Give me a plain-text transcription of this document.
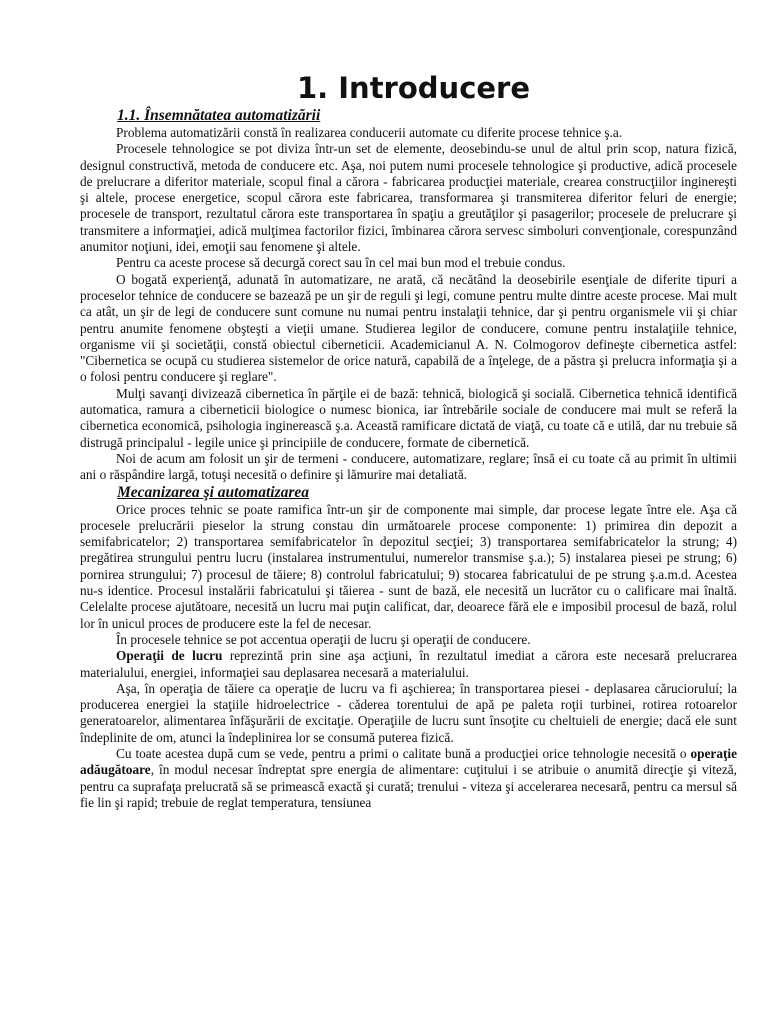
1. Introducere
1.1. Însemnătatea automatizării

Problema automatizării constă în realizarea conducerii automate cu diferite procese tehnice ş.a.

Procesele tehnologice se pot diviza într-un set de elemente, deosebindu-se unul de altul prin scop, natura fizică, designul constructivă, metoda de conducere etc. Aşa, noi putem numi procesele tehnologice şi productive, adică procesele de prelucrare a diferitor materiale, scopul final a cărora - fabricarea producţiei materiale, crearea construcţiilor inginereşti şi altele, procese energetice, scopul cărora este fabricarea, transformarea şi transmiterea diferitor feluri de energie; procesele de transport, rezultatul cărora este transportarea în spaţiu a greutăţilor şi pasagerilor; procesele de prelucrare şi transmitere a informaţiei, adică mulţimea factorilor fizici, îmbinarea cărora servesc simboluri convenţionale, corespunzând anumitor noţiuni, idei, emoţii sau fenomene şi altele.

Pentru ca aceste procese să decurgă corect sau în cel mai bun mod el trebuie condus.

O bogată experienţă, adunată în automatizare, ne arată, că necătând la deosebirile esenţiale de diferite tipuri a proceselor tehnice de conducere se bazează pe un şir de reguli şi legi, comune pentru multe dintre aceste procese. Mai mult ca atât, un şir de legi de conducere sunt comune nu numai pentru instalaţii tehnice, dar şi pentru organismele vii şi chiar pentru anumite fenomene obşteşti a vieţii umane. Studierea legilor de conducere, comune pentru instalaţiile tehnice, organisme vii şi societăţii, constă obiectul ciberneticii. Academicianul A. N. Colmogorov defineşte cibernetica astfel: "Cibernetica se ocupă cu studierea sistemelor de orice natură, capabilă de a înţelege, de a păstra şi prelucra informaţia şi a o folosi pentru conducere şi reglare".

Mulţi savanţi divizează cibernetica în părţile ei de bază: tehnică, biologică şi socială. Cibernetica tehnică identifică automatica, ramura a ciberneticii biologice o numesc bionica, iar întrebările sociale de conducere mai mult se referă la cibernetica economică, psihologia inginerească ş.a. Această ramificare dictată de viaţă, cu toate că e utilă, dar nu trebuie să distrugă principalul - legile unice şi principiile de conducere, formate de cibernetică.

Noi de acum am folosit un şir de termeni - conducere, automatizare, reglare; însă ei cu toate că au primit în ultimii ani o răspândire largă, totuşi necesită o definire şi lămurire mai detaliată.

Mecanizarea şi automatizarea

Orice proces tehnic se poate ramifica într-un şir de componente mai simple, dar procese legate între ele. Aşa că procesele prelucrării pieselor la strung constau din următoarele procese componente: 1) primirea din depozit a semifabricatelor; 2) transportarea semifabricatelor în depozitul secţiei; 3) transportarea semifabricatelor la strung; 4) pregătirea strungului pentru lucru (instalarea instrumentului, numerelor transmise ş.a.); 5) instalarea piesei pe strung; 6) pornirea strungului; 7) procesul de tăiere; 8) controlul fabricatului; 9) stocarea fabricatului de pe strung ş.a.m.d. Acestea nu-s identice. Procesul instalării fabricatului şi tăierea - sunt de bază, ele necesită un lucrător cu o calificare mai înaltă. Celelalte procese ajutătoare, necesită un lucru mai puţin calificat, dar, deoarece fără ele e imposibil procesul de bază, rolul lor în unicul proces de producere este la fel de necesar.

În procesele tehnice se pot accentua operaţii de lucru şi operaţii de conducere.

Operaţii de lucru reprezintă prin sine aşa acţiuni, în rezultatul imediat a cărora este necesară prelucrarea materialului, energiei, informaţiei sau deplasarea necesară a materialului.

Aşa, în operaţia de tăiere ca operaţie de lucru va fi aşchierea; în transportarea piesei - deplasarea cărucioruluí; la producerea energiei la staţiile hidroelectrice - căderea torentului de apă pe paleta roţii turbinei, rotirea rotoarelor generatoarelor, alimentarea înfăşurării de excitaţie. Operaţiile de lucru sunt însoţite cu cheltuieli de energie; dacă ele sunt îndeplinite de om, atunci la îndeplinirea lor se consumă puterea fizică.

Cu toate acestea după cum se vede, pentru a primi o calitate bună a producţiei orice tehnologie necesită o operaţie adăugătoare, în modul necesar îndreptat spre energia de alimentare: cuţitului i se atribuie o anumită direcţie şi viteză, pentru ca suprafaţa prelucrată să se primească exactă şi curată; trenului - viteza şi accelerarea necesară, pentru ca mersul să fie lin şi rapid; trebuie de reglat temperatura, tensiunea
